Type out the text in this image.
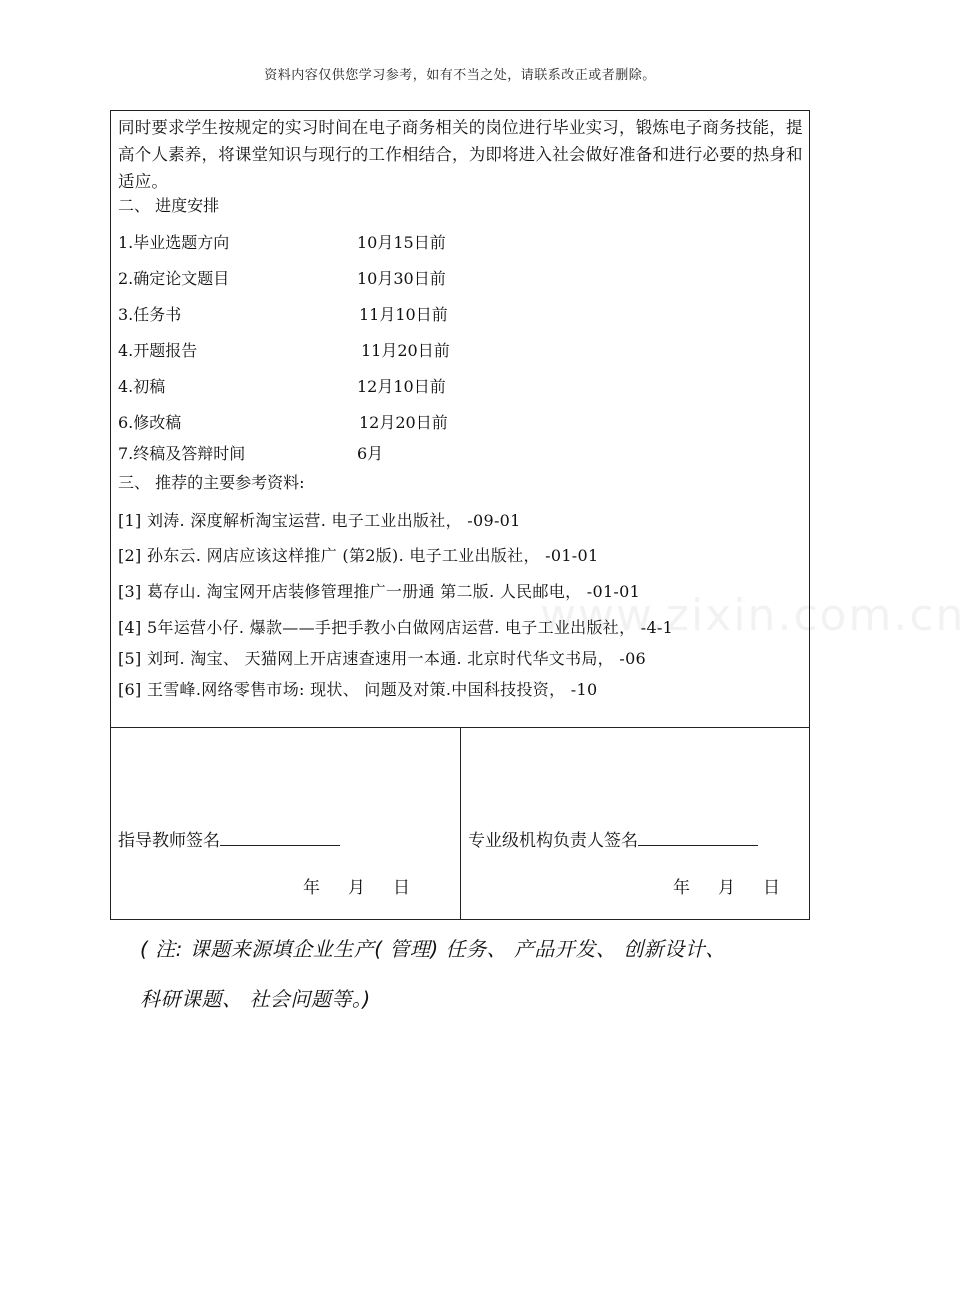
资料内容仅供您学习参考，如有不当之处，请联系改正或者删除。
同时要求学生按规定的实习时间在电子商务相关的岗位进行毕业实习，锻炼电子商务技能，提高个人素养，将课堂知识与现行的工作相结合，为即将进入社会做好准备和进行必要的热身和适应。
二、 进度安排
1.毕业选题方向	10月15日前
2.确定论文题目	10月30日前
3.任务书	11月10日前
4.开题报告	11月20日前
4.初稿	12月10日前
6.修改稿	12月20日前
7.终稿及答辩时间	6月
三、 推荐的主要参考资料:
[1] 刘涛. 深度解析淘宝运营. 电子工业出版社， -09-01
[2] 孙东云. 网店应该这样推广 (第2版). 电子工业出版社， -01-01
[3] 葛存山. 淘宝网开店装修管理推广一册通 第二版. 人民邮电， -01-01
[4] 5年运营小仔. 爆款——手把手教小白做网店运营. 电子工业出版社， -4-1
[5] 刘珂. 淘宝、 天猫网上开店速查速用一本通. 北京时代华文书局， -06
[6] 王雪峰.网络零售市场: 现状、 问题及对策.中国科技投资， -10
www.zixin.com.cn
指导教师签名
年 月 日
专业级机构负责人签名
年 月 日
( 注: 课题来源填企业生产( 管理) 任务、 产品开发、 创新设计、
科研课题、 社会问题等。)
